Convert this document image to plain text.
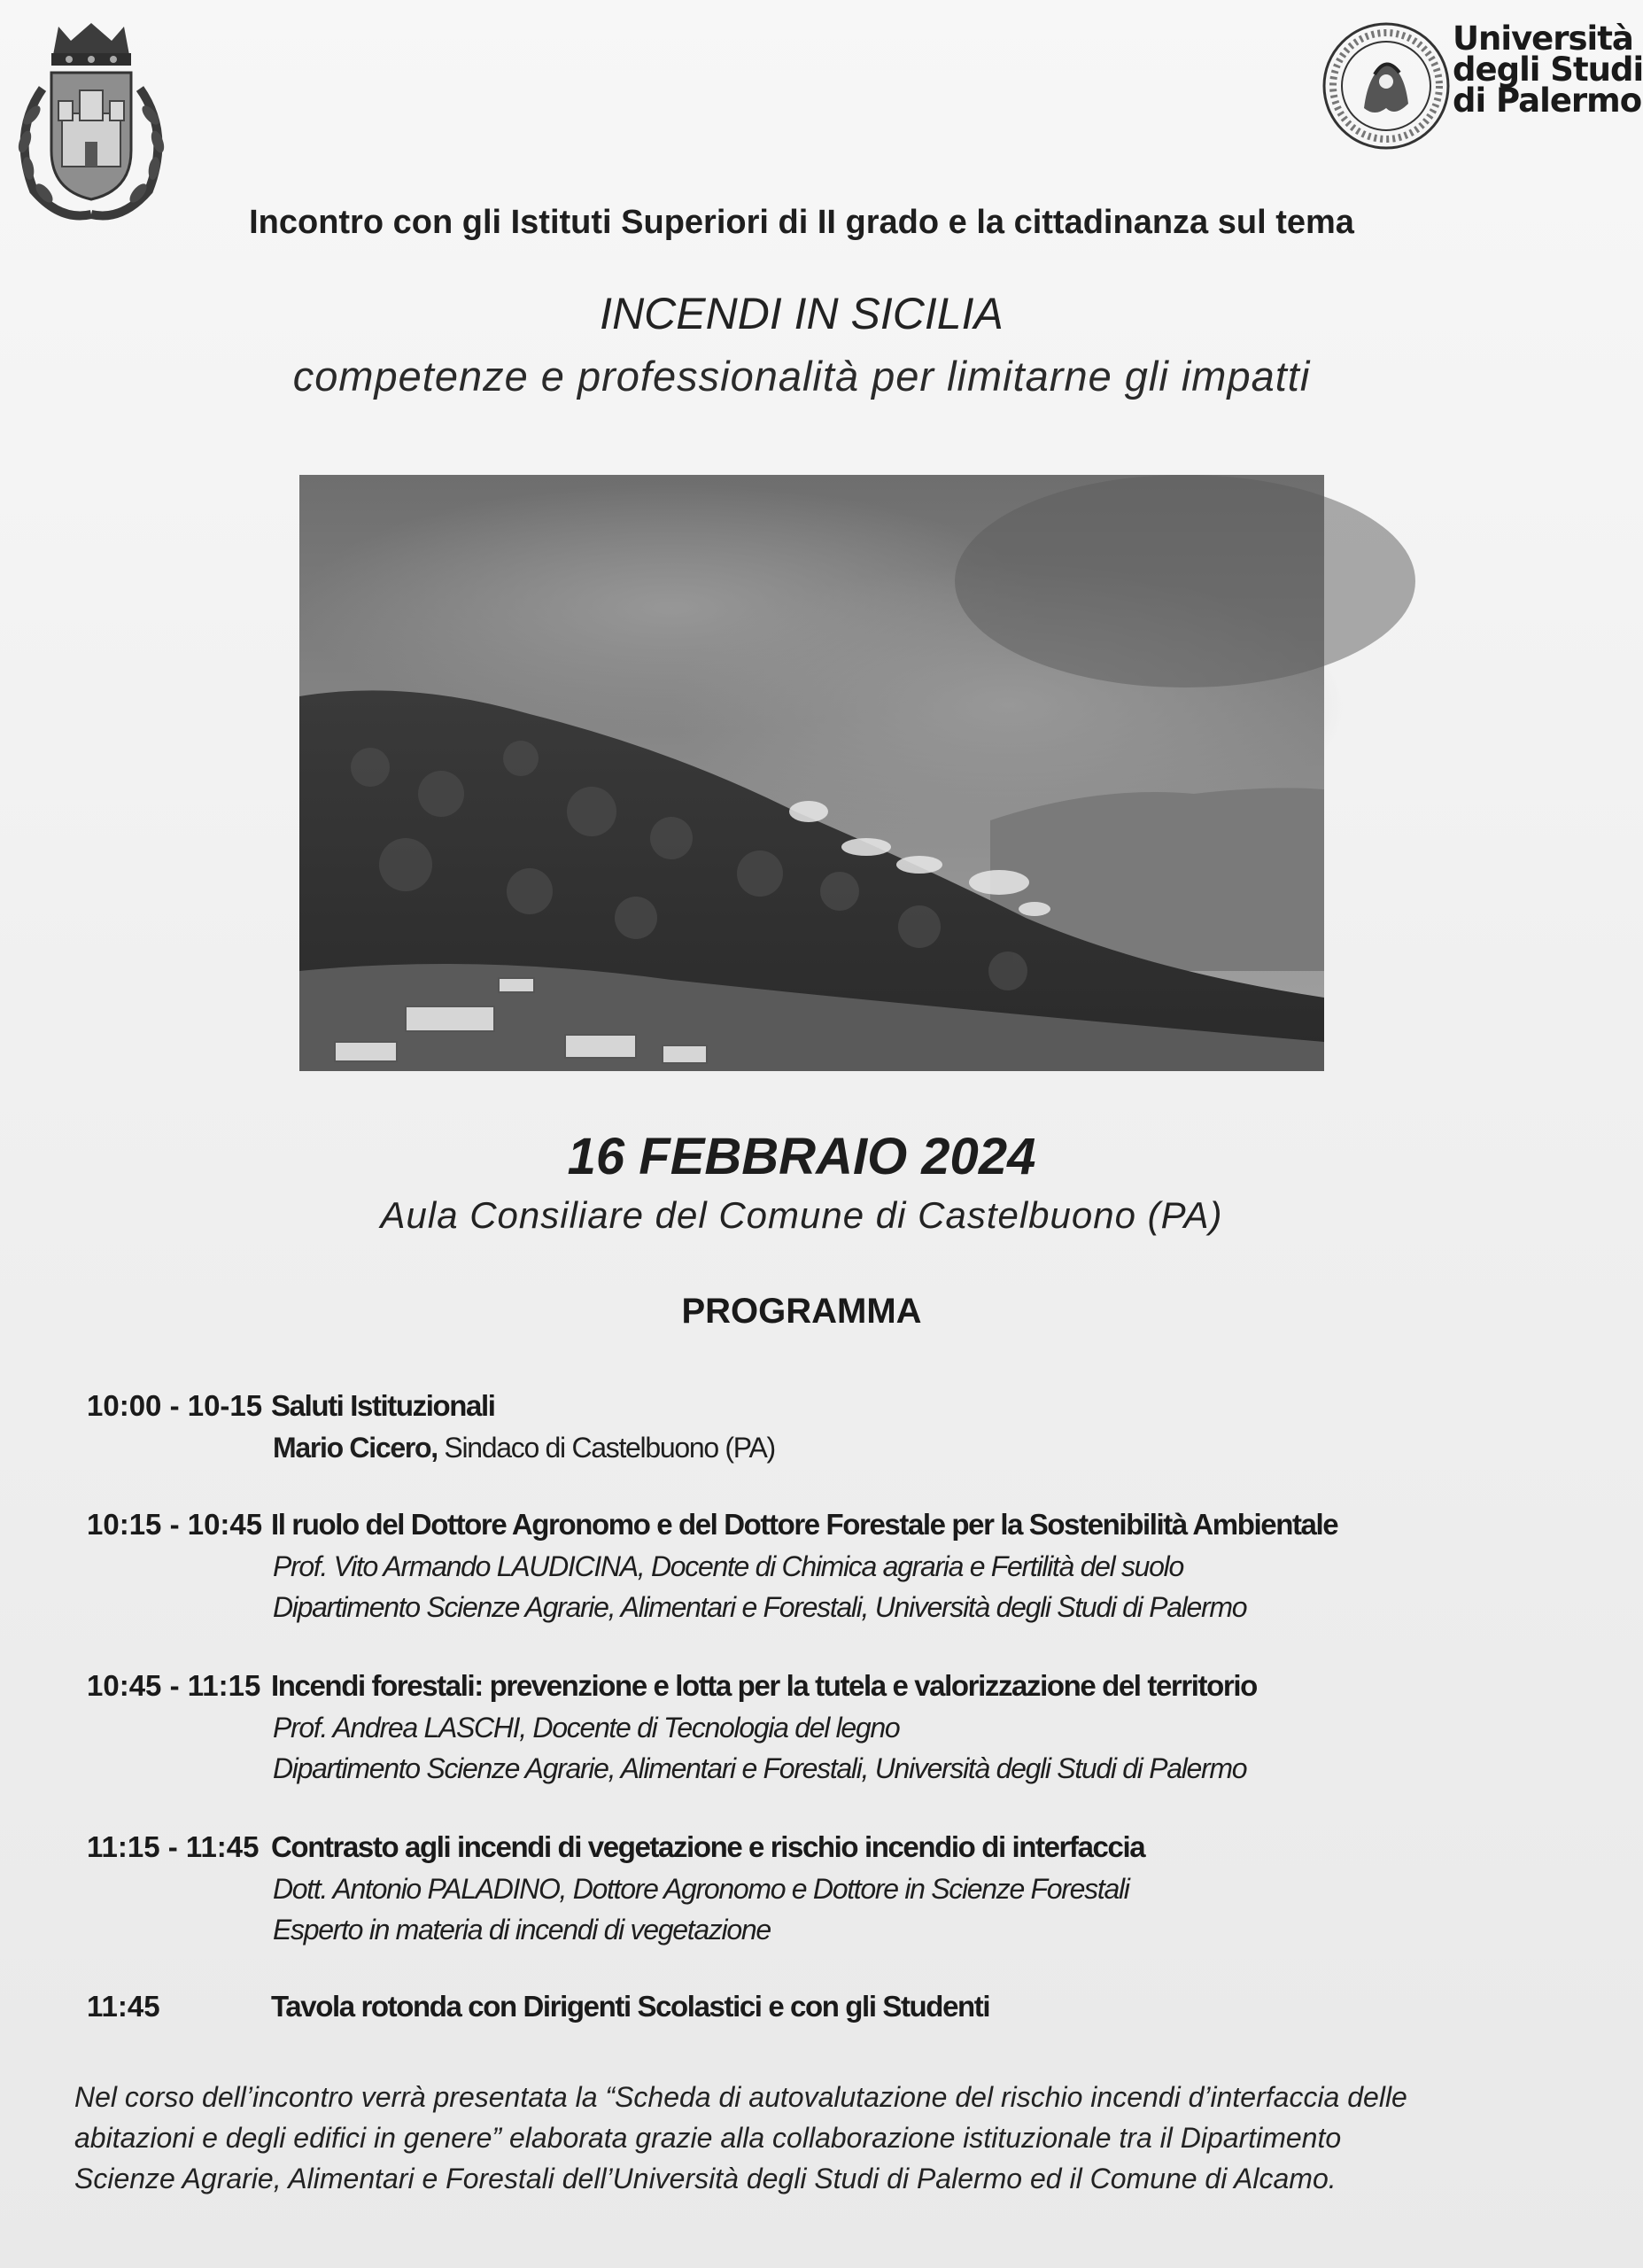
Università
degli Studi
di Palermo
Incontro con gli Istituti Superiori di II grado e la cittadinanza sul tema
INCENDI IN SICILIA
competenze e professionalità per limitarne gli impatti
16 FEBBRAIO 2024
Aula Consiliare del Comune di Castelbuono (PA)
PROGRAMMA
10:00 - 10-15 Saluti Istituzionali
Mario Cicero, Sindaco di Castelbuono (PA)
10:15 - 10:45 Il ruolo del Dottore Agronomo e del Dottore Forestale per la Sostenibilità Ambientale
Prof. Vito Armando LAUDICINA, Docente di Chimica agraria e Fertilità del suolo
Dipartimento Scienze Agrarie, Alimentari e Forestali, Università degli Studi di Palermo
10:45 - 11:15 Incendi forestali: prevenzione e lotta per la tutela e valorizzazione del territorio
Prof. Andrea LASCHI, Docente di Tecnologia del legno
Dipartimento Scienze Agrarie, Alimentari e Forestali, Università degli Studi di Palermo
11:15 - 11:45 Contrasto agli incendi di vegetazione e rischio incendio di interfaccia
Dott. Antonio PALADINO, Dottore Agronomo e Dottore in Scienze Forestali
Esperto in materia di incendi di vegetazione
11:45	Tavola rotonda con Dirigenti Scolastici e con gli Studenti
Nel corso dell’incontro verrà presentata la “Scheda di autovalutazione del rischio incendi d’interfaccia delle
abitazioni e degli edifici in genere” elaborata grazie alla collaborazione istituzionale tra il Dipartimento
Scienze Agrarie, Alimentari e Forestali dell’Università degli Studi di Palermo ed il Comune di Alcamo.
